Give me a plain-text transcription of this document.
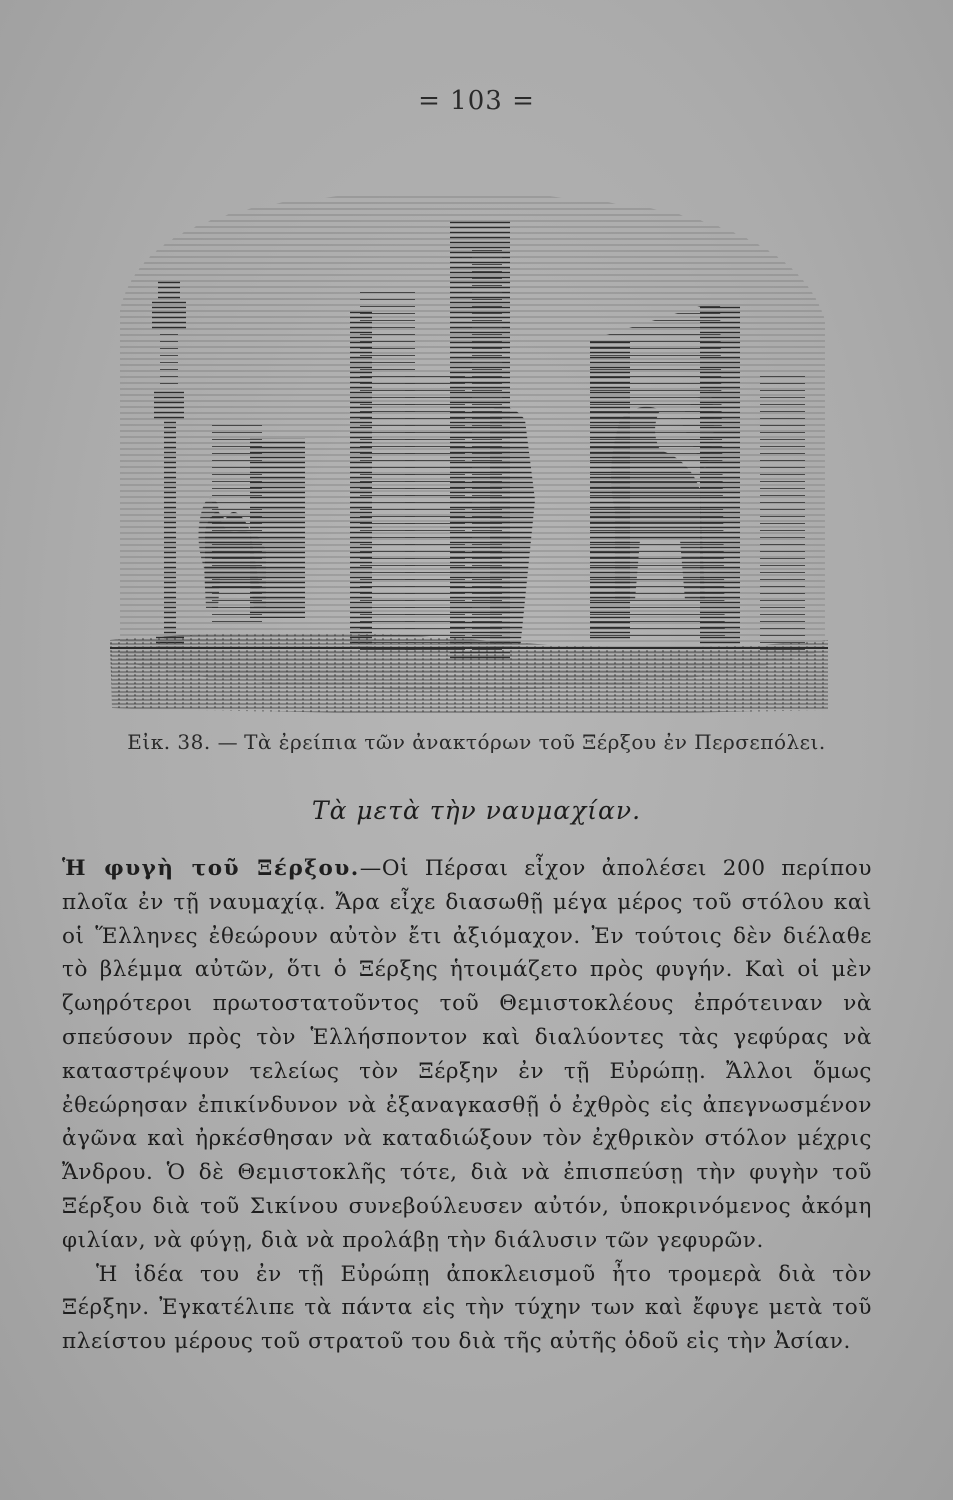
= 103 =
Εἰκ. 38. — Τὰ ἐρείπια τῶν ἀνακτόρων τοῦ Ξέρξου ἐν Περσεπόλει.
Τὰ μετὰ τὴν ναυμαχίαν.

Ἡ φυγὴ τοῦ Ξέρξου.—Οἱ Πέρσαι εἶχον ἀπολέσει 200 περίπου πλοῖα ἐν τῇ ναυμαχίᾳ. Ἄρα εἶχε διασωθῇ μέγα μέρος τοῦ στόλου καὶ οἱ Ἕλληνες ἐθεώρουν αὐτὸν ἔτι ἀξιόμαχον. Ἐν τούτοις δὲν διέλαθε τὸ βλέμμα αὐτῶν, ὅτι ὁ Ξέρξης ἡτοιμάζετο πρὸς φυγήν. Καὶ οἱ μὲν ζωηρότεροι πρωτοστατοῦντος τοῦ Θεμιστοκλέους ἐπρότειναν νὰ σπεύσουν πρὸς τὸν Ἑλλήσποντον καὶ διαλύοντες τὰς γεφύρας νὰ καταστρέψουν τελείως τὸν Ξέρξην ἐν τῇ Εὐρώπῃ. Ἄλλοι ὅμως ἐθεώρησαν ἐπικίνδυνον νὰ ἐξαναγκασθῇ ὁ ἐχθρὸς εἰς ἀπεγνωσμένον ἀγῶνα καὶ ἠρκέσθησαν νὰ καταδιώξουν τὸν ἐχθρικὸν στόλον μέχρις Ἄνδρου. Ὁ δὲ Θεμιστοκλῆς τότε, διὰ νὰ ἐπισπεύσῃ τὴν φυγὴν τοῦ Ξέρξου διὰ τοῦ Σικίνου συνεβούλευσεν αὐτόν, ὑποκρινόμενος ἀκόμη φιλίαν, νὰ φύγῃ, διὰ νὰ προλάβῃ τὴν διάλυσιν τῶν γεφυρῶν.

Ἡ ἰδέα του ἐν τῇ Εὐρώπῃ ἀποκλεισμοῦ ἦτο τρομερὰ διὰ τὸν Ξέρξην. Ἐγκατέλιπε τὰ πάντα εἰς τὴν τύχην των καὶ ἔφυγε μετὰ τοῦ πλείστου μέρους τοῦ στρατοῦ του διὰ τῆς αὐτῆς ὁδοῦ εἰς τὴν Ἀσίαν.
